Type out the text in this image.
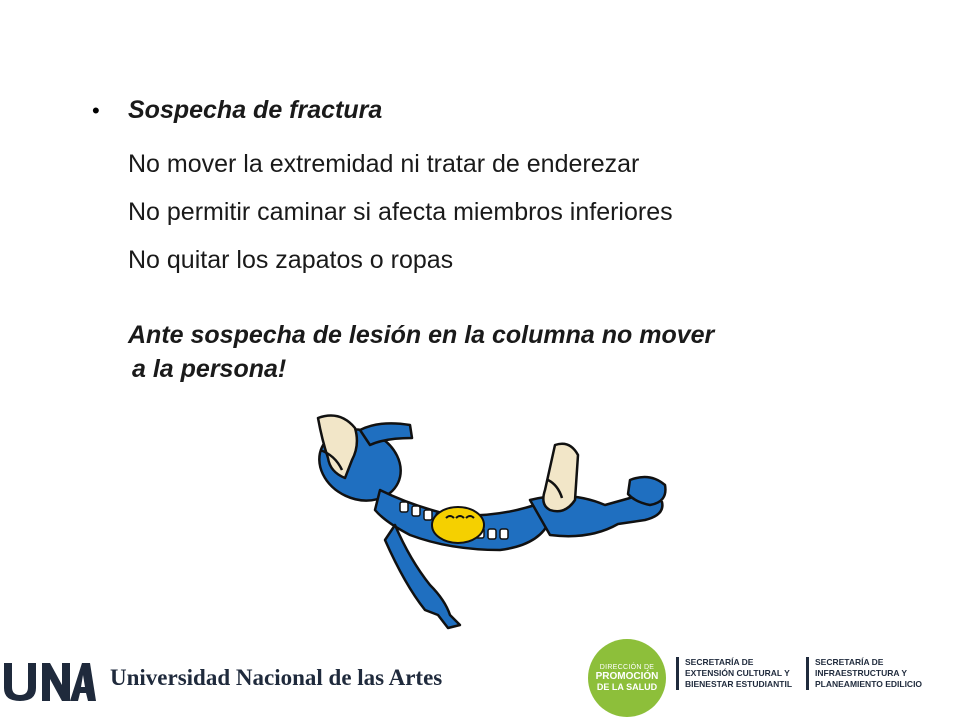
•	Sospecha de fractura
No mover la extremidad ni tratar de enderezar
No permitir caminar si afecta miembros inferiores
No quitar los zapatos o ropas
Ante sospecha de lesión en la columna no mover
a la persona!
Universidad Nacional de las Artes	DIRECCIÓN DE
PROMOCIÓN
DE LA SALUD
SECRETARÍA DE
EXTENSIÓN CULTURAL Y
BIENESTAR ESTUDIANTIL
SECRETARÍA DE
INFRAESTRUCTURA Y
PLANEAMIENTO EDILICIO
